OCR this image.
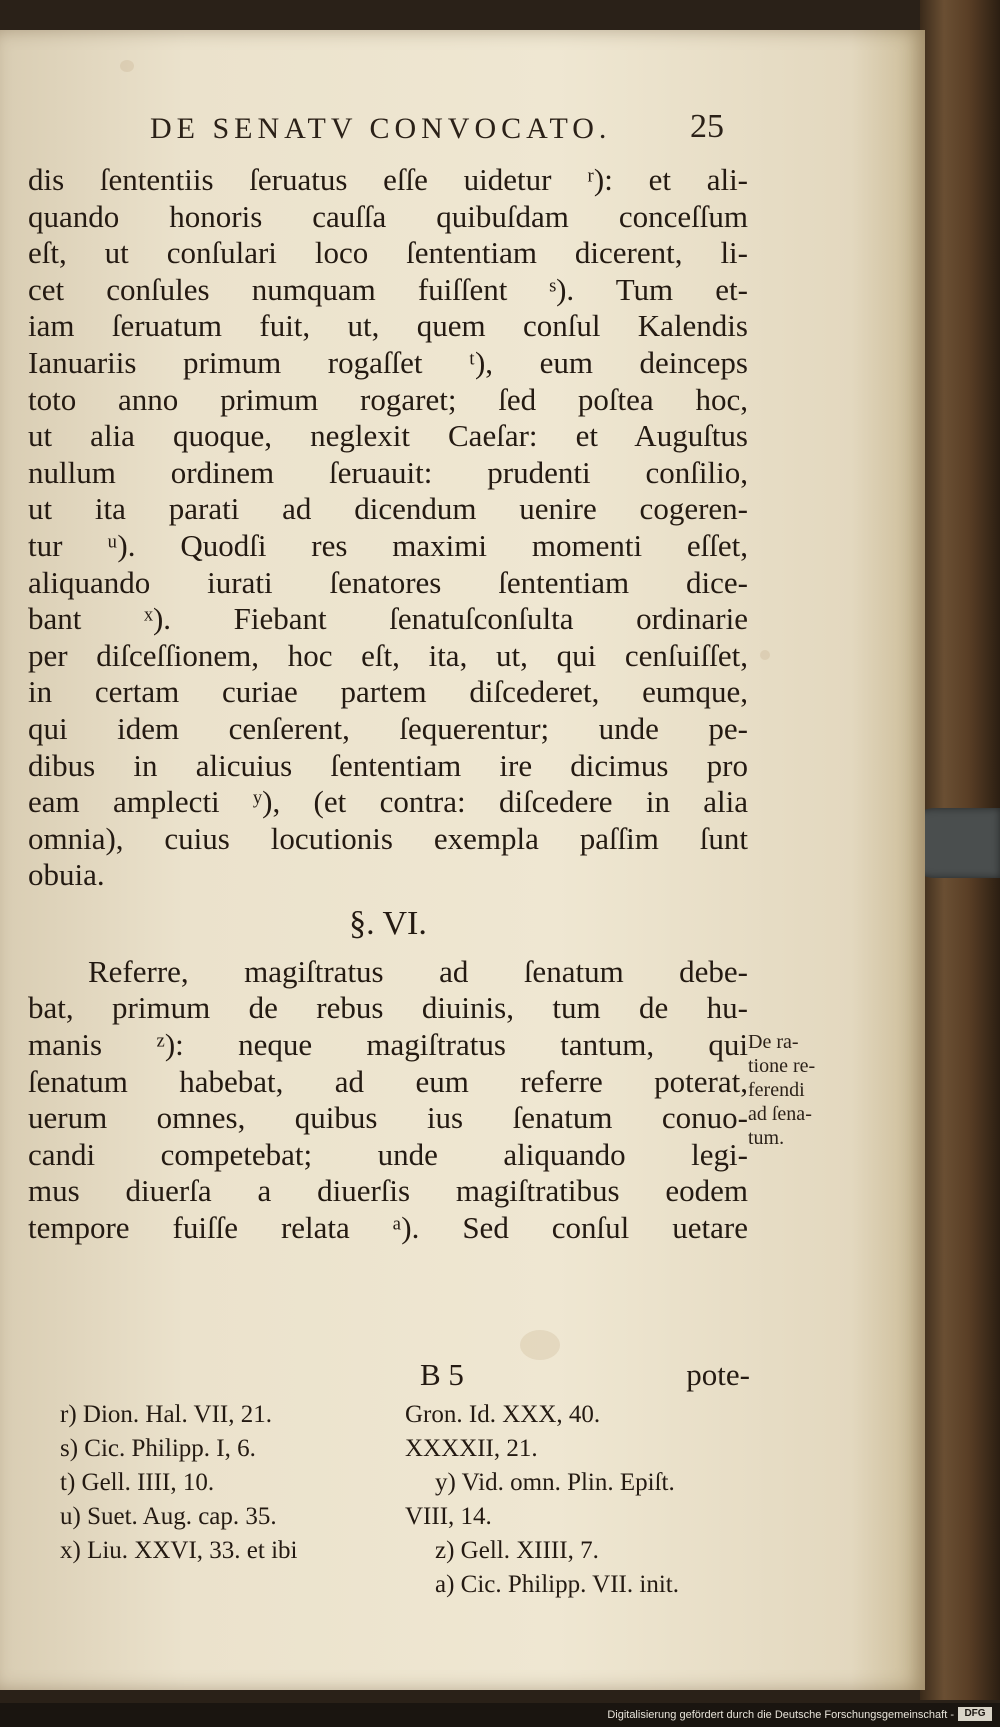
DE SENATV CONVOCATO. 25
dis ſententiis ſeruatus eſſe uidetur ʳ): et ali-
quando honoris cauſſa quibuſdam conceſſum
eſt, ut conſulari loco ſententiam dicerent, li-
cet conſules numquam fuiſſent ˢ). Tum et-
iam ſeruatum fuit, ut, quem conſul Kalendis
Ianuariis primum rogaſſet ᵗ), eum deinceps
toto anno primum rogaret; ſed poſtea hoc,
ut alia quoque, neglexit Caeſar: et Auguſtus
nullum ordinem ſeruauit: prudenti conſilio,
ut ita parati ad dicendum uenire cogeren-
tur ᵘ). Quodſi res maximi momenti eſſet,
aliquando iurati ſenatores ſententiam dice-
bant ˣ). Fiebant ſenatuſconſulta ordinarie
per diſceſſionem, hoc eſt, ita, ut, qui cenſuiſſet,
in certam curiae partem diſcederet, eumque,
qui idem cenſerent, ſequerentur; unde pe-
dibus in alicuius ſententiam ire dicimus pro
eam amplecti ʸ), (et contra: diſcedere in alia
omnia), cuius locutionis exempla paſſim ſunt
obuia.
§. VI.
Referre, magiſtratus ad ſenatum debe-
bat, primum de rebus diuinis, tum de hu-
manis ᶻ): neque magiſtratus tantum, qui
ſenatum habebat, ad eum referre poterat,
uerum omnes, quibus ius ſenatum conuo-
candi competebat; unde aliquando legi-
mus diuerſa a diuerſis magiſtratibus eodem
tempore fuiſſe relata ᵃ). Sed conſul uetare
De ra-
tione re-
ferendi
ad ſena-
tum.
B 5	pote-
r) Dion. Hal. VII, 21.
s) Cic. Philipp. I, 6.
t) Gell. IIII, 10.
u) Suet. Aug. cap. 35.
x) Liu. XXVI, 33. et ibi
Gron. Id. XXX, 40.
XXXXII, 21.
y) Vid. omn. Plin. Epiſt.
VIII, 14.
z) Gell. XIIII, 7.
a) Cic. Philipp. VII. init.
Digitalisierung gefördert durch die Deutsche Forschungsgemeinschaft -	DFG
